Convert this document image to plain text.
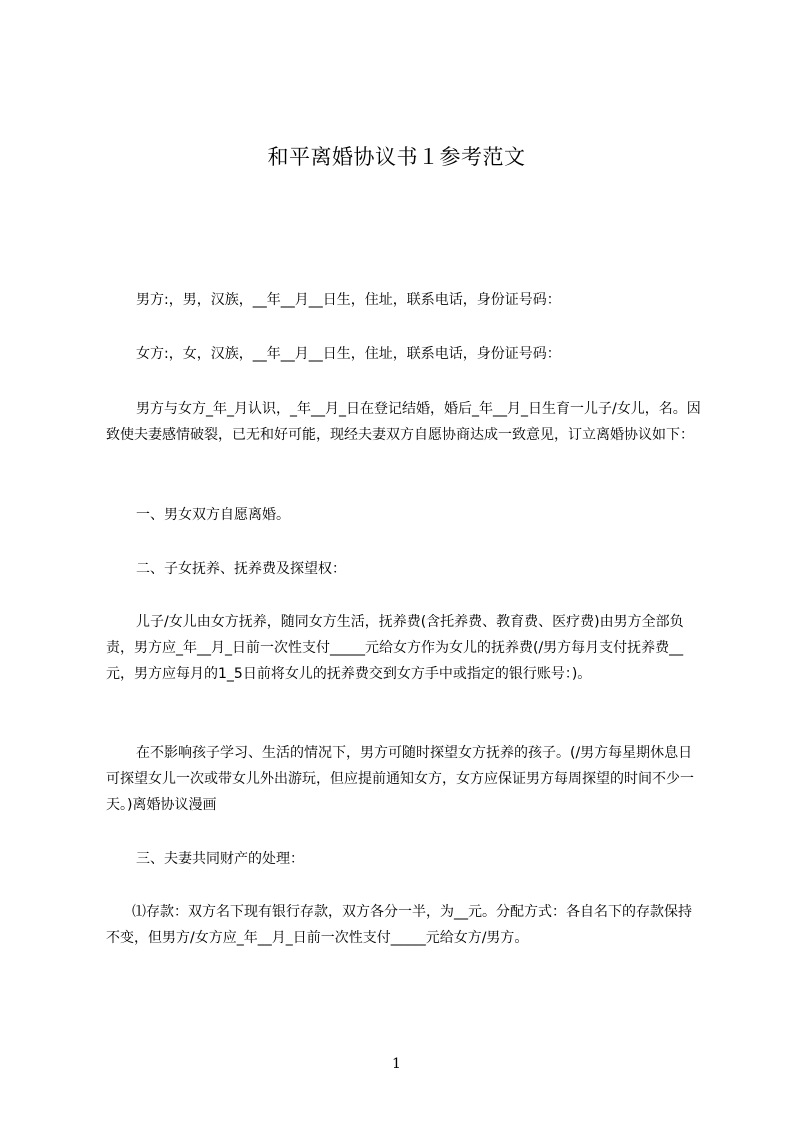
和平离婚协议书１参考范文

男方:，男，汉族，__年__月__日生，住址，联系电话，身份证号码：

女方:，女，汉族，__年__月__日生，住址，联系电话，身份证号码：

男方与女方_年_月认识，_年__月_日在登记结婚，婚后_年__月_日生育一儿子/女儿，名。因致使夫妻感情破裂，已无和好可能，现经夫妻双方自愿协商达成一致意见，订立离婚协议如下：

一、男女双方自愿离婚。

二、子女抚养、抚养费及探望权：

儿子/女儿由女方抚养，随同女方生活，抚养费(含托养费、教育费、医疗费)由男方全部负责，男方应_年__月_日前一次性支付_____元给女方作为女儿的抚养费(/男方每月支付抚养费__元，男方应每月的1_5日前将女儿的抚养费交到女方手中或指定的银行账号：)。

在不影响孩子学习、生活的情况下，男方可随时探望女方抚养的孩子。(/男方每星期休息日可探望女儿一次或带女儿外出游玩，但应提前通知女方，女方应保证男方每周探望的时间不少一天。)离婚协议漫画

三、夫妻共同财产的处理：

⑴存款：双方名下现有银行存款，双方各分一半，为__元。分配方式：各自名下的存款保持不变，但男方/女方应_年__月_日前一次性支付_____元给女方/男方。

1
